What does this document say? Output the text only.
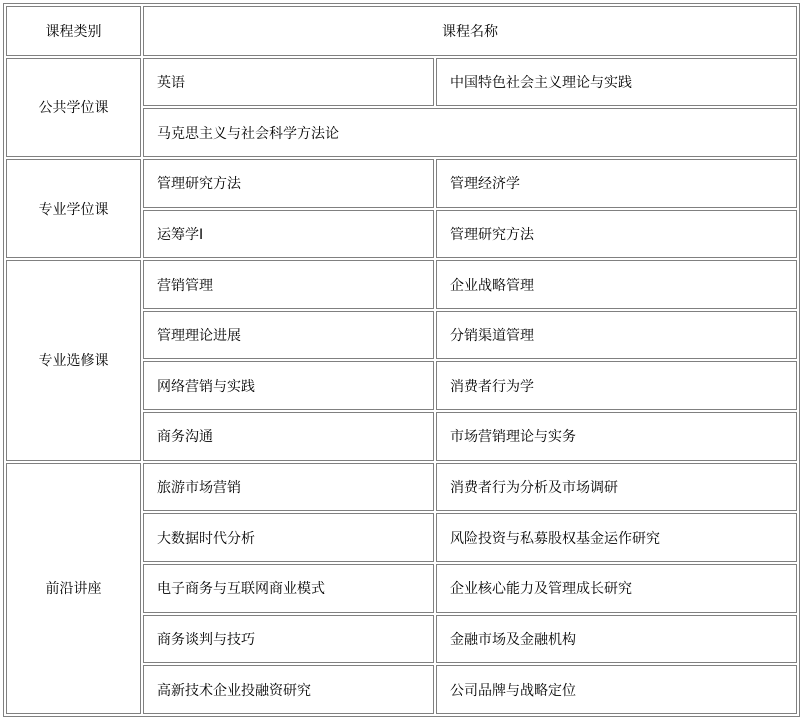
课程类别	课程名称	
公共学位课	英语	中国特色社会主义理论与实践
	马克思主义与社会科学方法论	
专业学位课	管理研究方法	管理经济学
	运筹学I	管理研究方法
专业选修课	营销管理	企业战略管理
	管理理论进展	分销渠道管理
	网络营销与实践	消费者行为学
	商务沟通	市场营销理论与实务
前沿讲座	旅游市场营销	消费者行为分析及市场调研
	大数据时代分析	风险投资与私募股权基金运作研究
	电子商务与互联网商业模式	企业核心能力及管理成长研究
	商务谈判与技巧	金融市场及金融机构
	高新技术企业投融资研究	公司品牌与战略定位
